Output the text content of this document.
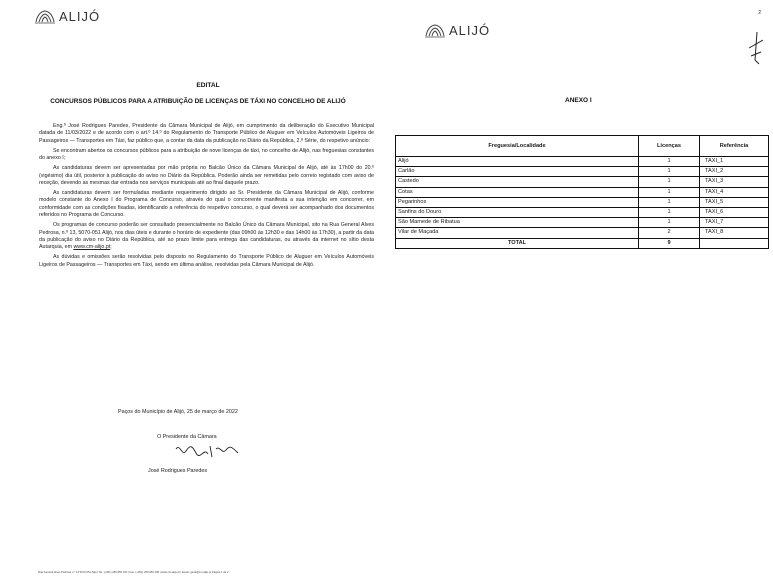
ALIJÓ
EDITAL
CONCURSOS PÚBLICOS PARA A ATRIBUIÇÃO DE LICENÇAS DE TÁXI NO CONCELHO DE ALIJÓ

Eng.º José Rodrigues Paredes, Presidente da Câmara Municipal de Alijó, em cumprimento da deliberação do Executivo Municipal datada de 11/03/2022 e de acordo com o art.º 14.º do Regulamento do Transporte Público de Aluguer em Veículos Automóveis Ligeiros de Passageiros — Transportes em Táxi, faz público que, a contar da data da publicação no Diário da República, 2.ª Série, do respetivo anúncio:

Se encontram abertos os concursos públicos para a atribuição de nove licenças de táxi, no concelho de Alijó, nas freguesias constantes do anexo I;

As candidaturas devem ser apresentadas por mão própria no Balcão Único da Câmara Municipal de Alijó, até às 17h00 do 20.º (vigésimo) dia útil, posterior à publicação do aviso no Diário da República. Poderão ainda ser remetidas pelo correio registado com aviso de receção, devendo as mesmas dar entrada nos serviços municipais até ao final daquele prazo.

As candidaturas devem ser formuladas mediante requerimento dirigido ao Sr. Presidente da Câmara Municipal de Alijó, conforme modelo constante do Anexo I do Programa de Concurso, através do qual o concorrente manifesta a sua intenção em concorrer, em conformidade com as condições fixadas, identificando a referência do respetivo concurso, o qual deverá ser acompanhado dos documentos referidos no Programa de Concurso.

Os programas de concurso poderão ser consultado presencialmente no Balcão Único da Câmara Municipal, sito na Rua General Alves Pedrosa, n.º 13, 5070-051 Alijó, nos dias úteis e durante o horário de expediente (das 09h00 às 12h30 e das 14h00 às 17h30), a partir da data da publicação do aviso no Diário da República, até ao prazo limite para entrega das candidaturas, ou através da internet no sítio desta Autarquia, em www.cm-alijo.pt;

As dúvidas e omissões serão resolvidas pelo disposto no Regulamento do Transporte Público de Aluguer em Veículos Automóveis Ligeiros de Passageiros — Transportes em Táxi, sendo em última análise, resolvidas pela Câmara Municipal de Alijó.

Paços do Município de Alijó, 25 de março de 2022
O Presidente da Câmara
José Rodrigues Paredes
Rua General Alves Pedrosa n.º 13 5070-051 Alijó | Tel. (+351) 259 959 100 | Fax. (+351) 259 959 108 | www.cm-alijo.pt | Email: geral@cm-alijo.pt Página 1 de 2
ALIJÓ
2
ANEXO I
Freguesia/Localidade	Licenças	Referência
Alijó	1	TAXI_1
Carlão	1	TAXI_2
Castedo	1	TAXI_3
Cotas	1	TAXI_4
Pegarinhos	1	TAXI_5
Sanfins do Douro	1	TAXI_6
São Mamede de Ribatua	1	TAXI_7
Vilar de Maçada	2	TAXI_8
TOTAL	9	
